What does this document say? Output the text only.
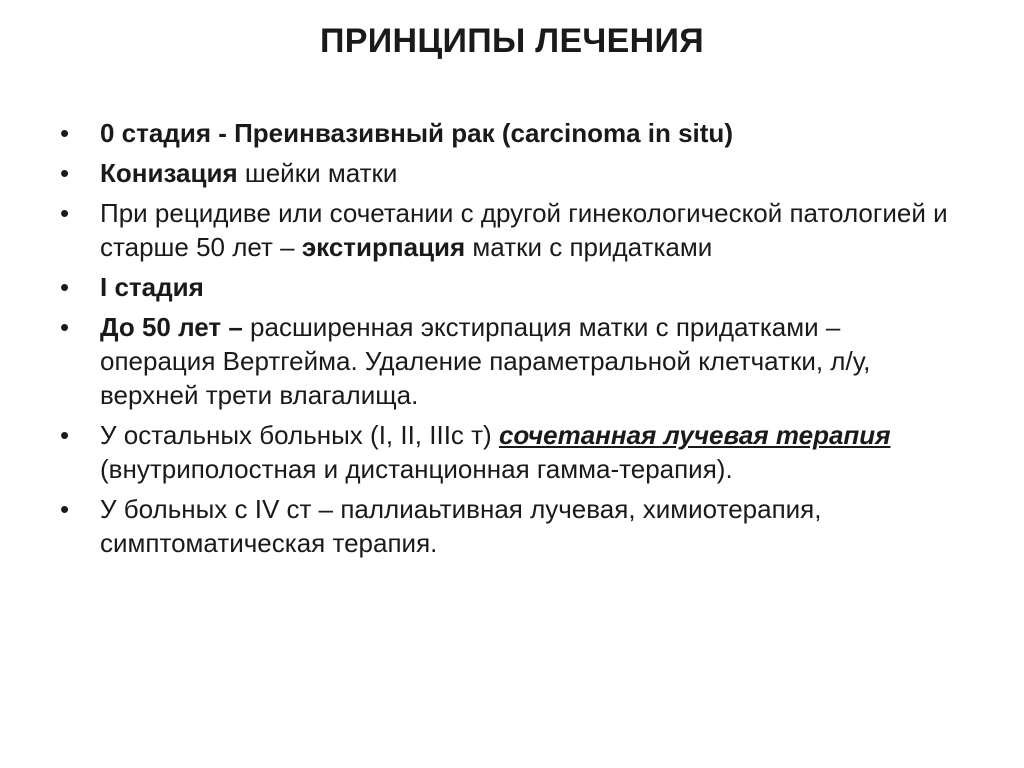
ПРИНЦИПЫ ЛЕЧЕНИЯ
•	0 стадия - Преинвазивный рак (carcinoma in situ)
•	Конизация шейки матки
•	При рецидиве или сочетании с другой гинекологической патологией и старше 50 лет – экстирпация матки с придатками
•	I стадия
•	До 50 лет – расширенная экстирпация матки с придатками – операция Вертгейма. Удаление параметральной клетчатки, л/у, верхней трети влагалища.
•	У остальных больных (I, II, IIIc т) сочетанная лучевая терапия (внутриполостная и дистанционная гамма-терапия).
•	У больных с IV ст – паллиаьтивная лучевая, химиотерапия, симптоматическая терапия.
